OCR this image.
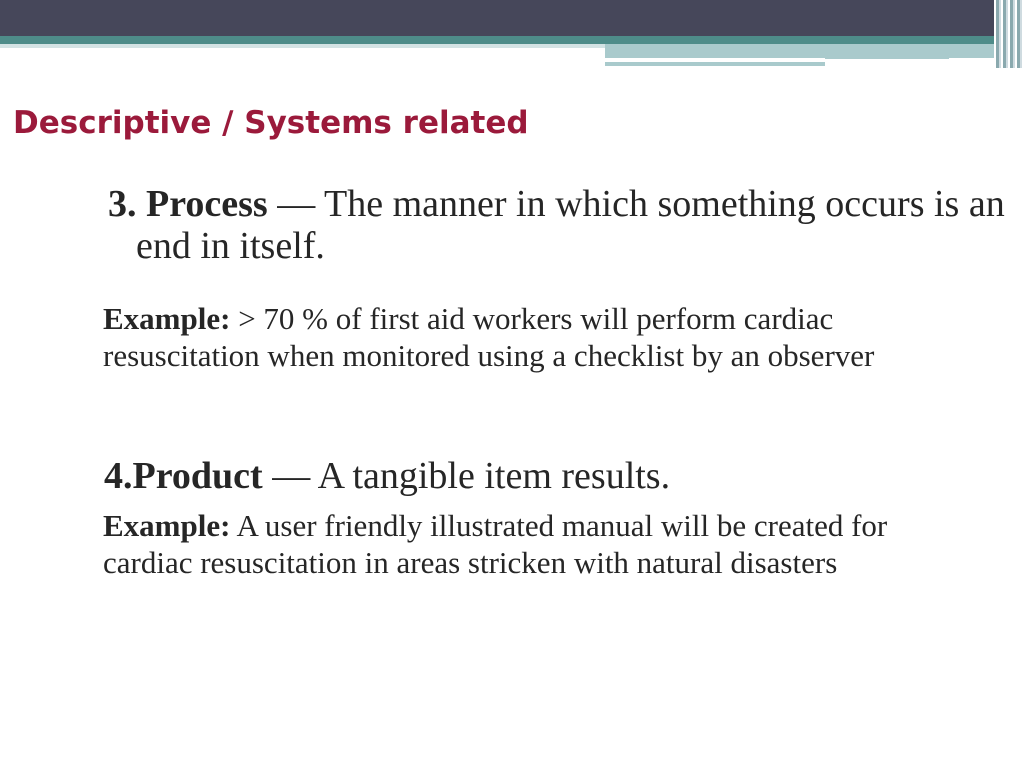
Descriptive / Systems related

3. Process — The manner in which something occurs is an end in itself.

Example: > 70 % of first aid workers will perform cardiac resuscitation when monitored using a checklist by an observer

4.Product — A tangible item results.

Example: A user friendly illustrated manual will be created for cardiac resuscitation in areas stricken with natural disasters
